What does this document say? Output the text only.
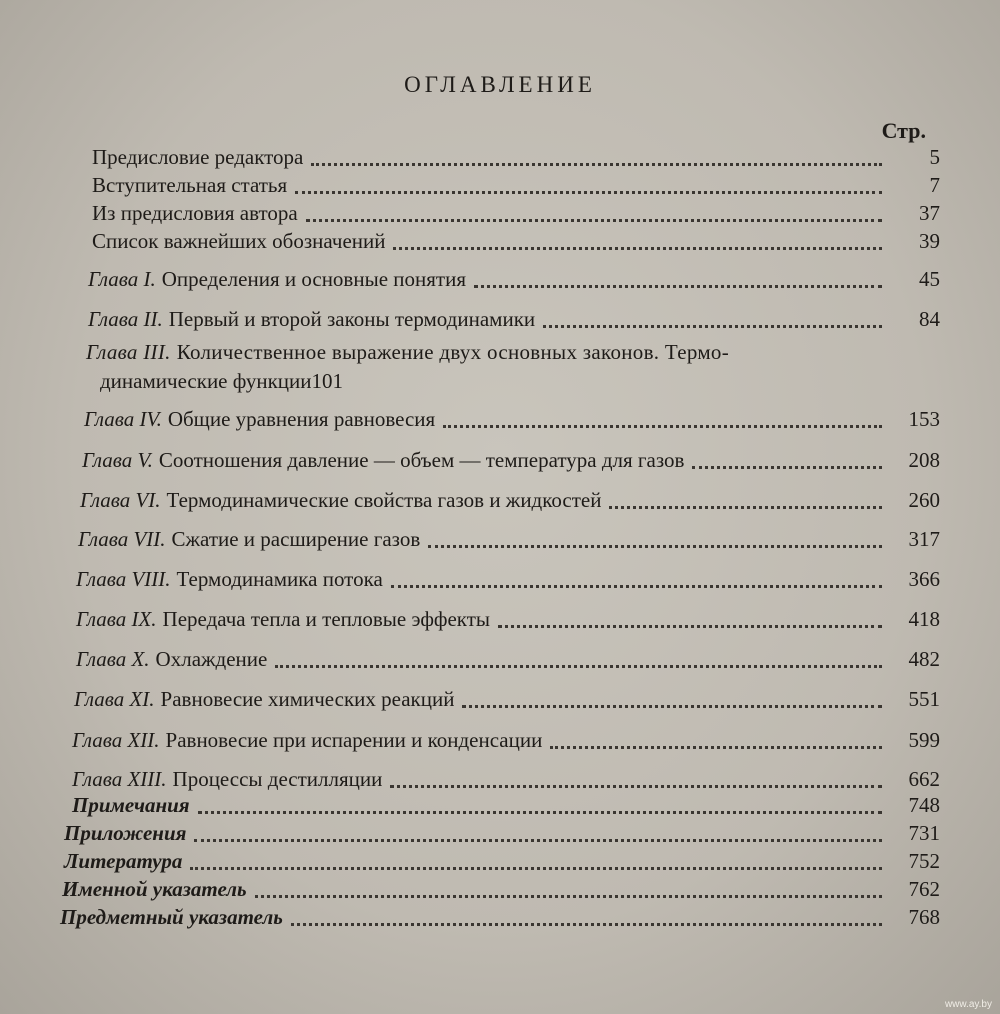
ОГЛАВЛЕНИЕ
Стр.
Предисловие редактора	5
Вступительная статья	7
Из предисловия автора	37
Список важнейших обозначений	39
Глава I. Определения и основные понятия	45
Глава II. Первый и второй законы термодинамики	84
Глава III. Количественное выражение двух основных законов. Термо-
динамические функции 101
Глава IV. Общие уравнения равновесия	153
Глава V. Соотношения давление — объем — температура для газов	208
Глава VI. Термодинамические свойства газов и жидкостей	260
Глава VII. Сжатие и расширение газов	317
Глава VIII. Термодинамика потока	366
Глава IX. Передача тепла и тепловые эффекты	418
Глава X. Охлаждение	482
Глава XI. Равновесие химических реакций	551
Глава XII. Равновесие при испарении и конденсации	599
Глава XIII. Процессы дестилляции	662
Примечания	748
Приложения	731
Литература	752
Именной указатель	762
Предметный указатель	768
www.ay.by
